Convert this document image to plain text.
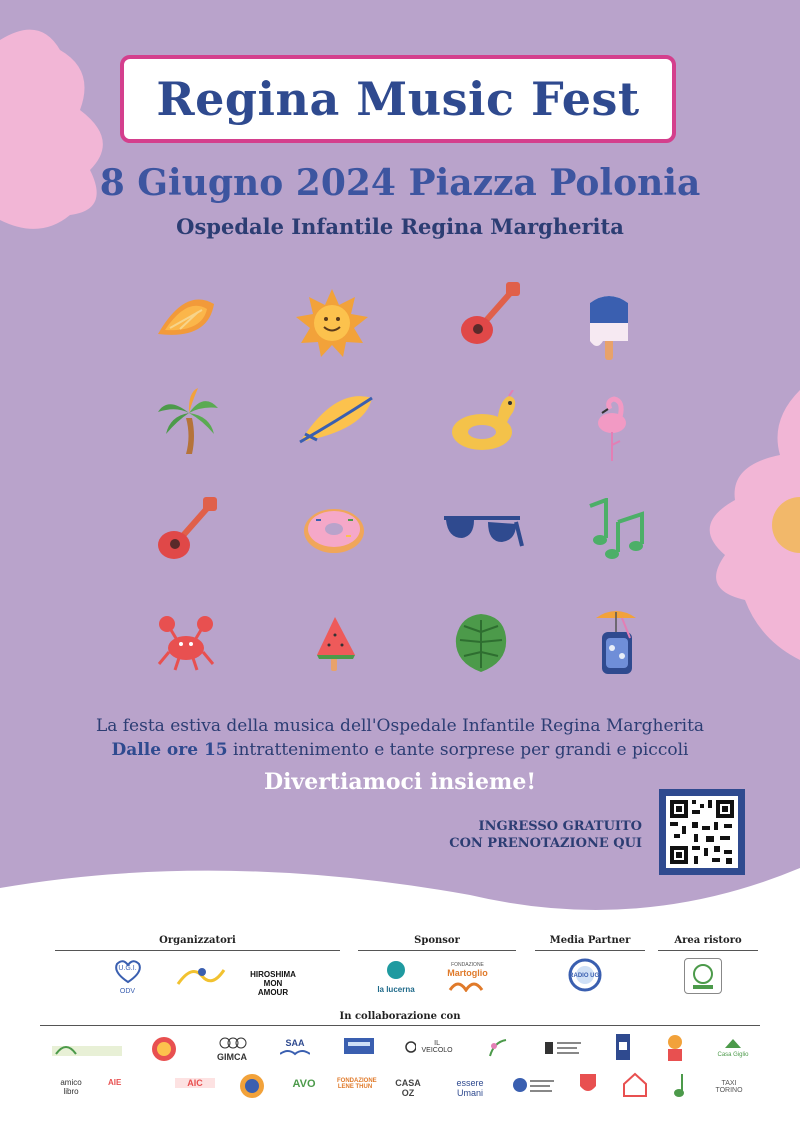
Regina Music Fest
8 Giugno 2024 Piazza Polonia
Ospedale Infantile Regina Margherita
La festa estiva della musica dell'Ospedale Infantile Regina Margherita
Dalle ore 15 intrattenimento e tante sorprese per grandi e piccoli
Divertiamoci insieme!
INGRESSO GRATUITO
CON PRENOTAZIONE QUI
Organizzatori	Sponsor	Media Partner	Area ristoro
U.G.I.
ODV
HIROSHIMA
MON AMOUR	la lucerna
FONDAZIONE
Martoglio	RADIO UGI
In collaborazione con
GIMCA
SAA	IL VEICOLO
Casa Giglio
amico libro
AIE	AIC	AVO	FONDAZIONE LENE THUN	CASA OZ
essere Umani
TAXI TORINO
